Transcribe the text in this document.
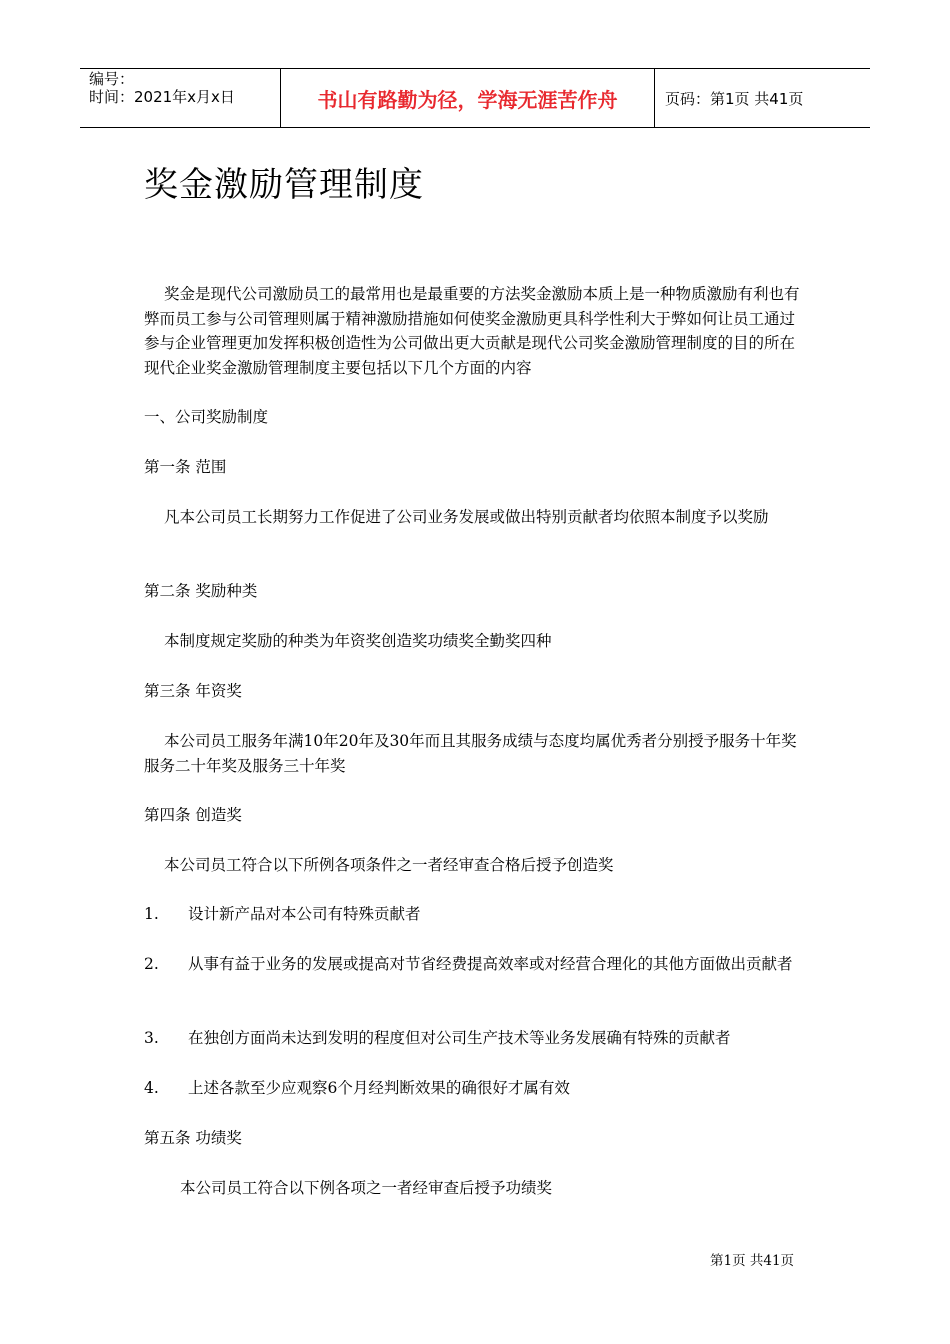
编号：
时间：2021年x月x日	书山有路勤为径，学海无涯苦作舟	页码：第1页 共41页
奖金激励管理制度

奖金是现代公司激励员工的最常用也是最重要的方法奖金激励本质上是一种物质激励有利也有弊而员工参与公司管理则属于精神激励措施如何使奖金激励更具科学性利大于弊如何让员工通过参与企业管理更加发挥积极创造性为公司做出更大贡献是现代公司奖金激励管理制度的目的所在现代企业奖金激励管理制度主要包括以下几个方面的内容

一、公司奖励制度

第一条 范围

凡本公司员工长期努力工作促进了公司业务发展或做出特别贡献者均依照本制度予以奖励

第二条 奖励种类

本制度规定奖励的种类为年资奖创造奖功绩奖全勤奖四种

第三条 年资奖

本公司员工服务年满10年20年及30年而且其服务成绩与态度均属优秀者分别授予服务十年奖服务二十年奖及服务三十年奖

第四条 创造奖

本公司员工符合以下所例各项条件之一者经审查合格后授予创造奖

1. 设计新产品对本公司有特殊贡献者

2. 从事有益于业务的发展或提高对节省经费提高效率或对经营合理化的其他方面做出贡献者

3. 在独创方面尚未达到发明的程度但对公司生产技术等业务发展确有特殊的贡献者

4. 上述各款至少应观察6个月经判断效果的确很好才属有效

第五条 功绩奖

本公司员工符合以下例各项之一者经审查后授予功绩奖

第1页 共41页
